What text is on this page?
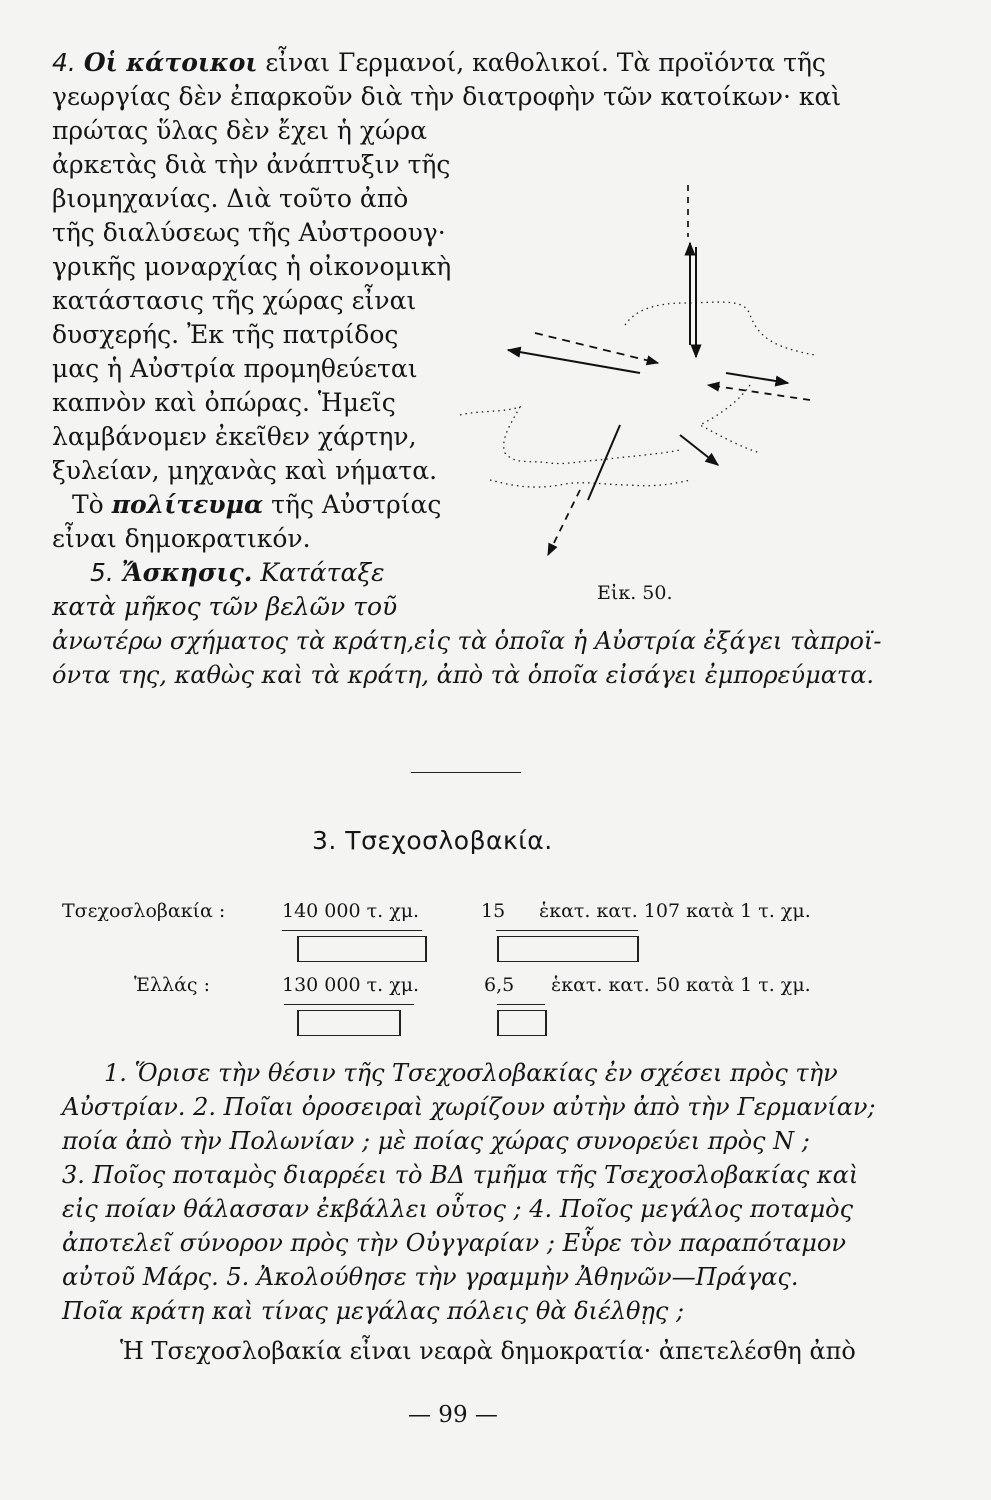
4. Οἱ κάτοικοι εἶναι Γερμανοί, καθολικοί. Τὰ προϊόντα τῆς
γεωργίας δὲν ἐπαρκοῦν διὰ τὴν διατροφὴν τῶν κατοίκων· καὶ
πρώτας ὕλας δὲν ἔχει ἡ χώρα
ἀρκετὰς διὰ τὴν ἀνάπτυξιν τῆς
βιομηχανίας. Διὰ τοῦτο ἀπὸ
τῆς διαλύσεως τῆς Αὐστροουγ·
γρικῆς μοναρχίας ἡ οἰκονομικὴ
κατάστασις τῆς χώρας εἶναι
δυσχερής. Ἐκ τῆς πατρίδος
μας ἡ Αὐστρία προμηθεύεται
καπνὸν καὶ ὀπώρας. Ἡμεῖς
λαμβάνομεν ἐκεῖθεν χάρτην,
ξυλείαν, μηχανὰς καὶ νήματα.
Τὸ πολίτευμα τῆς Αὐστρίας
εἶναι δημοκρατικόν.
5. Ἄσκησις. Κατάταξε
κατὰ μῆκος τῶν βελῶν τοῦ
ἀνωτέρω σχήματος τὰ κράτη,εἰς τὰ ὁποῖα ἡ Αὐστρία ἐξάγει τὰπροϊ-
όντα της, καθὼς καὶ τὰ κράτη, ἀπὸ τὰ ὁποῖα εἰσάγει ἐμπορεύματα.
Εἰκ. 50.
3. Τσεχοσλοβακία.
Τσεχοσλοβακία :	140 000 τ. χμ.	15 ἑκατ. κατ. 107 κατὰ 1 τ. χμ.
Ἑλλάς :	130 000 τ. χμ.	6,5 ἑκατ. κατ. 50 κατὰ 1 τ. χμ.
1. Ὅρισε τὴν θέσιν τῆς Τσεχοσλοβακίας ἐν σχέσει πρὸς τὴν
Αὐστρίαν. 2. Ποῖαι ὀροσειραὶ χωρίζουν αὐτὴν ἀπὸ τὴν Γερμανίαν;
ποία ἀπὸ τὴν Πολωνίαν ; μὲ ποίας χώρας συνορεύει πρὸς Ν ;
3. Ποῖος ποταμὸς διαρρέει τὸ ΒΔ τμῆμα τῆς Τσεχοσλοβακίας καὶ
εἰς ποίαν θάλασσαν ἐκβάλλει οὗτος ; 4. Ποῖος μεγάλος ποταμὸς
ἀποτελεῖ σύνορον πρὸς τὴν Οὐγγαρίαν ; Εὗρε τὸν παραπόταμον
αὐτοῦ Μάρς. 5. Ἀκολούθησε τὴν γραμμὴν Ἀθηνῶν—Πράγας.
Ποῖα κράτη καὶ τίνας μεγάλας πόλεις θὰ διέλθῃς ;
Ἡ Τσεχοσλοβακία εἶναι νεαρὰ δημοκρατία· ἀπετελέσθη ἀπὸ
— 99 —
